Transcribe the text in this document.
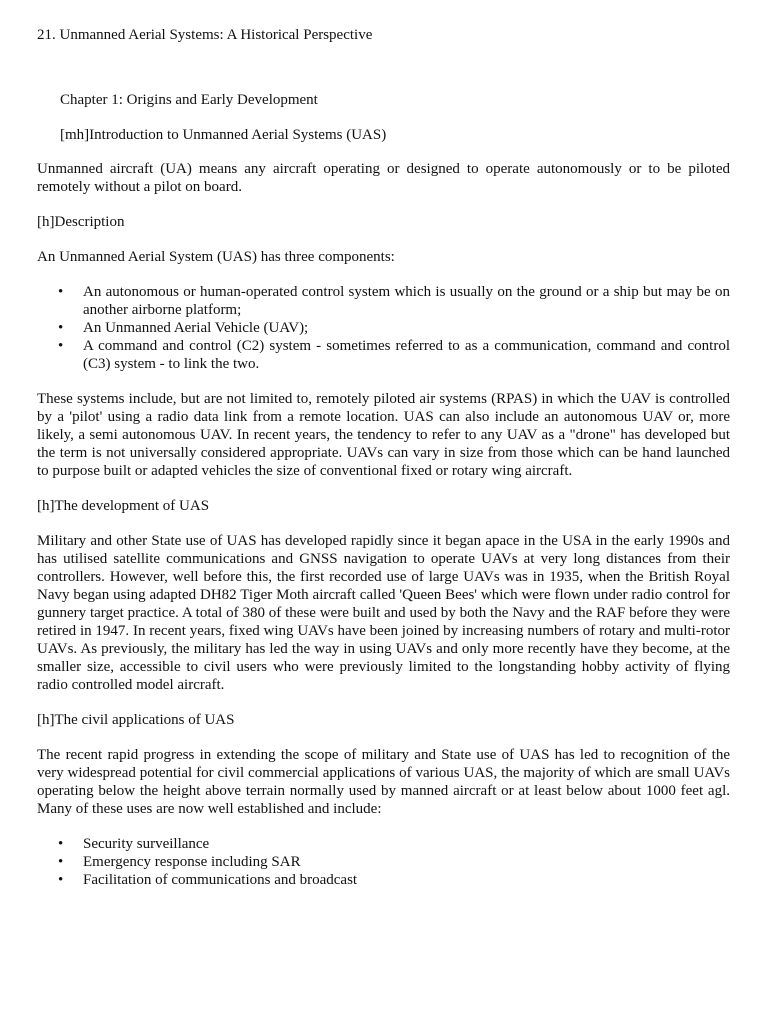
21. Unmanned Aerial Systems: A Historical Perspective
Chapter 1: Origins and Early Development
[mh]Introduction to Unmanned Aerial Systems (UAS)

Unmanned aircraft (UA) means any aircraft operating or designed to operate autonomously or to be piloted remotely without a pilot on board.

[h]Description

An Unmanned Aerial System (UAS) has three components:

• An autonomous or human-operated control system which is usually on the ground or a ship but may be on another airborne platform;
• An Unmanned Aerial Vehicle (UAV);
• A command and control (C2) system - sometimes referred to as a communication, command and control (C3) system - to link the two.

These systems include, but are not limited to, remotely piloted air systems (RPAS) in which the UAV is controlled by a 'pilot' using a radio data link from a remote location. UAS can also include an autonomous UAV or, more likely, a semi autonomous UAV. In recent years, the tendency to refer to any UAV as a "drone" has developed but the term is not universally considered appropriate. UAVs can vary in size from those which can be hand launched to purpose built or adapted vehicles the size of conventional fixed or rotary wing aircraft.

[h]The development of UAS

Military and other State use of UAS has developed rapidly since it began apace in the USA in the early 1990s and has utilised satellite communications and GNSS navigation to operate UAVs at very long distances from their controllers. However, well before this, the first recorded use of large UAVs was in 1935, when the British Royal Navy began using adapted DH82 Tiger Moth aircraft called 'Queen Bees' which were flown under radio control for gunnery target practice. A total of 380 of these were built and used by both the Navy and the RAF before they were retired in 1947. In recent years, fixed wing UAVs have been joined by increasing numbers of rotary and multi-rotor UAVs. As previously, the military has led the way in using UAVs and only more recently have they become, at the smaller size, accessible to civil users who were previously limited to the longstanding hobby activity of flying radio controlled model aircraft.

[h]The civil applications of UAS

The recent rapid progress in extending the scope of military and State use of UAS has led to recognition of the very widespread potential for civil commercial applications of various UAS, the majority of which are small UAVs operating below the height above terrain normally used by manned aircraft or at least below about 1000 feet agl. Many of these uses are now well established and include:

• Security surveillance
• Emergency response including SAR
• Facilitation of communications and broadcast
